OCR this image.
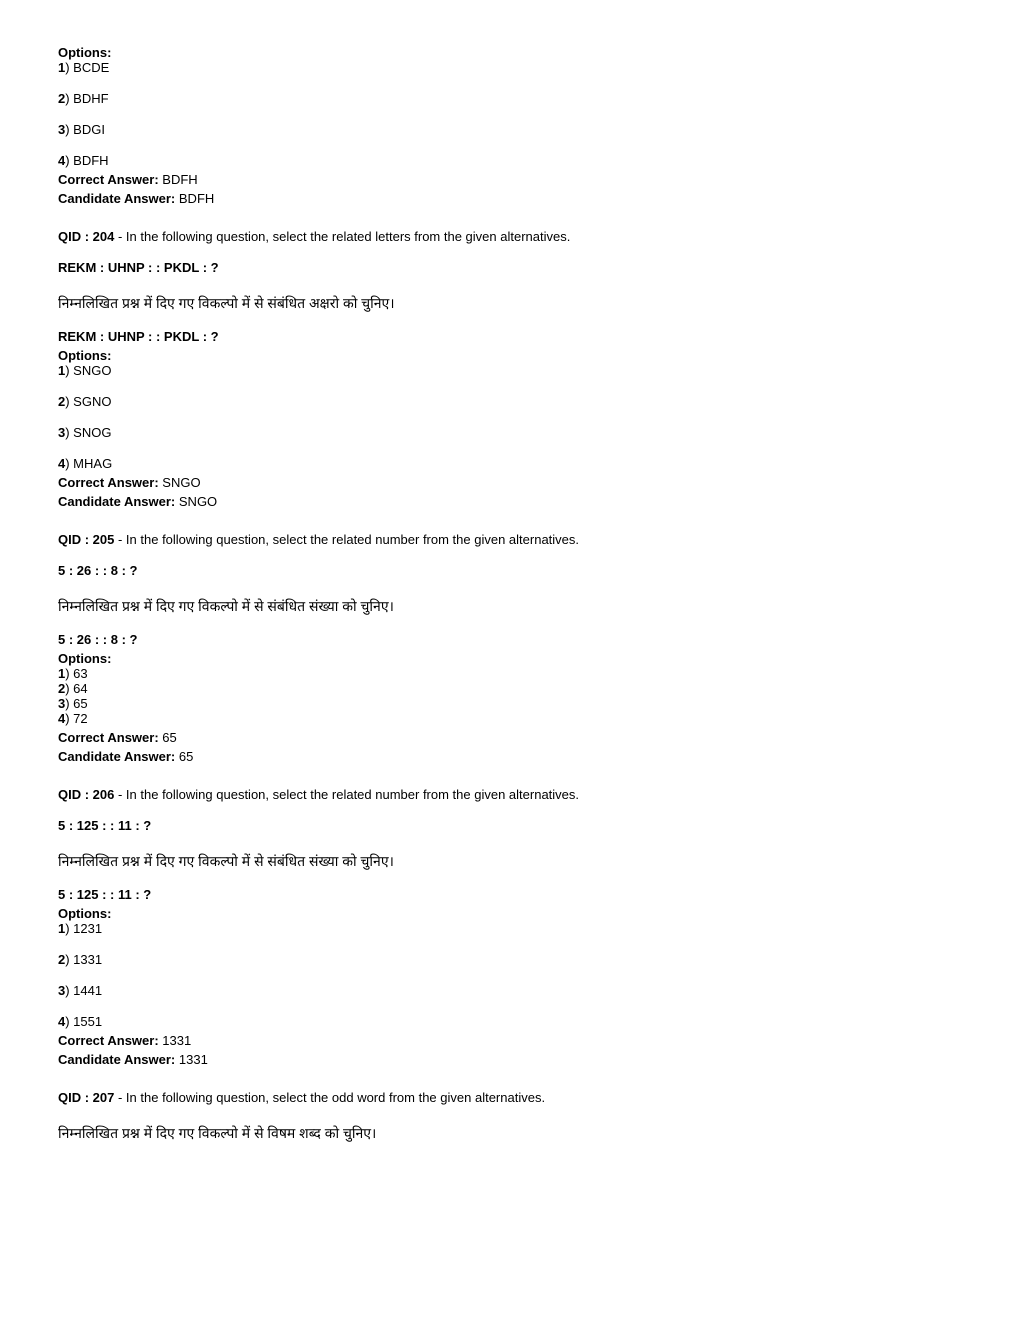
Options:
1) BCDE
2) BDHF
3) BDGI
4) BDFH
Correct Answer: BDFH
Candidate Answer: BDFH
QID : 204 - In the following question, select the related letters from the given alternatives.
REKM : UHNP : : PKDL : ?
निम्नलिखित प्रश्न में दिए गए विकल्पो में से संबंधित अक्षरो को चुनिए।
REKM : UHNP : : PKDL : ?
Options:
1) SNGO
2) SGNO
3) SNOG
4) MHAG
Correct Answer: SNGO
Candidate Answer: SNGO
QID : 205 - In the following question, select the related number from the given alternatives.
5 : 26 : : 8 : ?
निम्नलिखित प्रश्न में दिए गए विकल्पो में से संबंधित संख्या को चुनिए।
5 : 26 : : 8 : ?
Options:
1) 63
2) 64
3) 65
4) 72
Correct Answer: 65
Candidate Answer: 65
QID : 206 - In the following question, select the related number from the given alternatives.
5 : 125 : : 11 : ?
निम्नलिखित प्रश्न में दिए गए विकल्पो में से संबंधित संख्या को चुनिए।
5 : 125 : : 11 : ?
Options:
1) 1231
2) 1331
3) 1441
4) 1551
Correct Answer: 1331
Candidate Answer: 1331
QID : 207 - In the following question, select the odd word from the given alternatives.
निम्नलिखित प्रश्न में दिए गए विकल्पो में से विषम शब्द को चुनिए।
